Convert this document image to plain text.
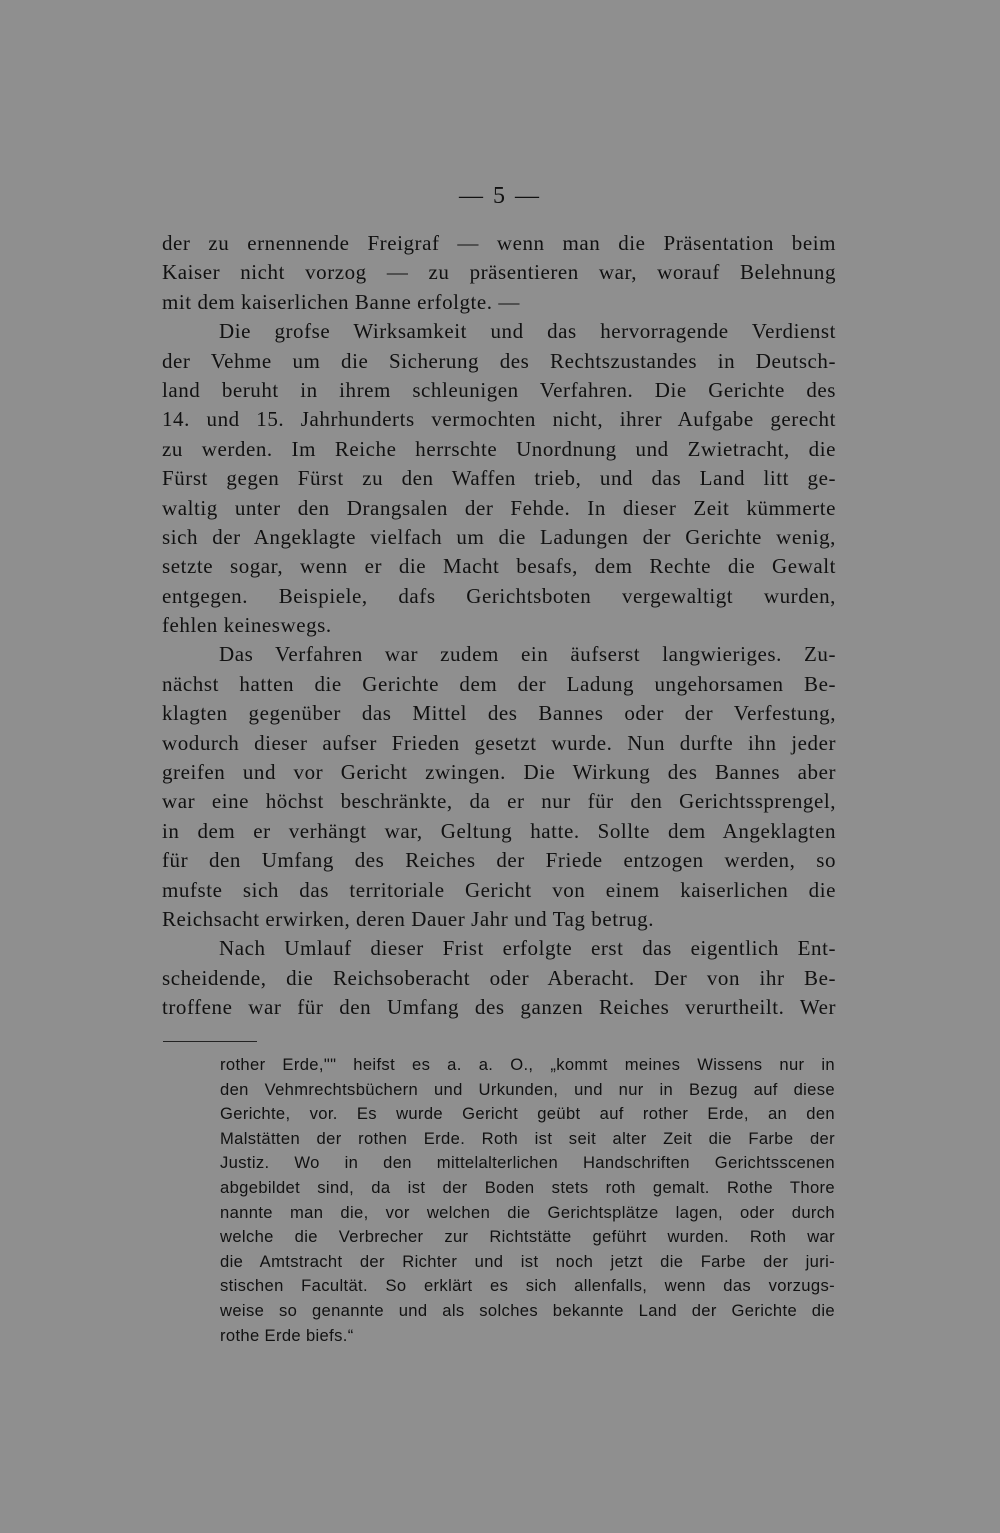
— 5 —
der zu ernennende Freigraf — wenn man die Präsentation beim
Kaiser nicht vorzog — zu präsentieren war, worauf Belehnung
mit dem kaiserlichen Banne erfolgte. —
Die grofse Wirksamkeit und das hervorragende Verdienst
der Vehme um die Sicherung des Rechtszustandes in Deutsch-
land beruht in ihrem schleunigen Verfahren. Die Gerichte des
14. und 15. Jahrhunderts vermochten nicht, ihrer Aufgabe gerecht
zu werden. Im Reiche herrschte Unordnung und Zwietracht, die
Fürst gegen Fürst zu den Waffen trieb, und das Land litt ge-
waltig unter den Drangsalen der Fehde. In dieser Zeit kümmerte
sich der Angeklagte vielfach um die Ladungen der Gerichte wenig,
setzte sogar, wenn er die Macht besafs, dem Rechte die Gewalt
entgegen. Beispiele, dafs Gerichtsboten vergewaltigt wurden,
fehlen keineswegs.
Das Verfahren war zudem ein äufserst langwieriges. Zu-
nächst hatten die Gerichte dem der Ladung ungehorsamen Be-
klagten gegenüber das Mittel des Bannes oder der Verfestung,
wodurch dieser aufser Frieden gesetzt wurde. Nun durfte ihn jeder
greifen und vor Gericht zwingen. Die Wirkung des Bannes aber
war eine höchst beschränkte, da er nur für den Gerichtssprengel,
in dem er verhängt war, Geltung hatte. Sollte dem Angeklagten
für den Umfang des Reiches der Friede entzogen werden, so
mufste sich das territoriale Gericht von einem kaiserlichen die
Reichsacht erwirken, deren Dauer Jahr und Tag betrug.
Nach Umlauf dieser Frist erfolgte erst das eigentlich Ent-
scheidende, die Reichsoberacht oder Aberacht. Der von ihr Be-
troffene war für den Umfang des ganzen Reiches verurtheilt. Wer
rother Erde,"" heifst es a. a. O., „kommt meines Wissens nur in
den Vehmrechtsbüchern und Urkunden, und nur in Bezug auf diese
Gerichte, vor. Es wurde Gericht geübt auf rother Erde, an den
Malstätten der rothen Erde. Roth ist seit alter Zeit die Farbe der
Justiz. Wo in den mittelalterlichen Handschriften Gerichtsscenen
abgebildet sind, da ist der Boden stets roth gemalt. Rothe Thore
nannte man die, vor welchen die Gerichtsplätze lagen, oder durch
welche die Verbrecher zur Richtstätte geführt wurden. Roth war
die Amtstracht der Richter und ist noch jetzt die Farbe der juri-
stischen Facultät. So erklärt es sich allenfalls, wenn das vorzugs-
weise so genannte und als solches bekannte Land der Gerichte die
rothe Erde biefs.“
